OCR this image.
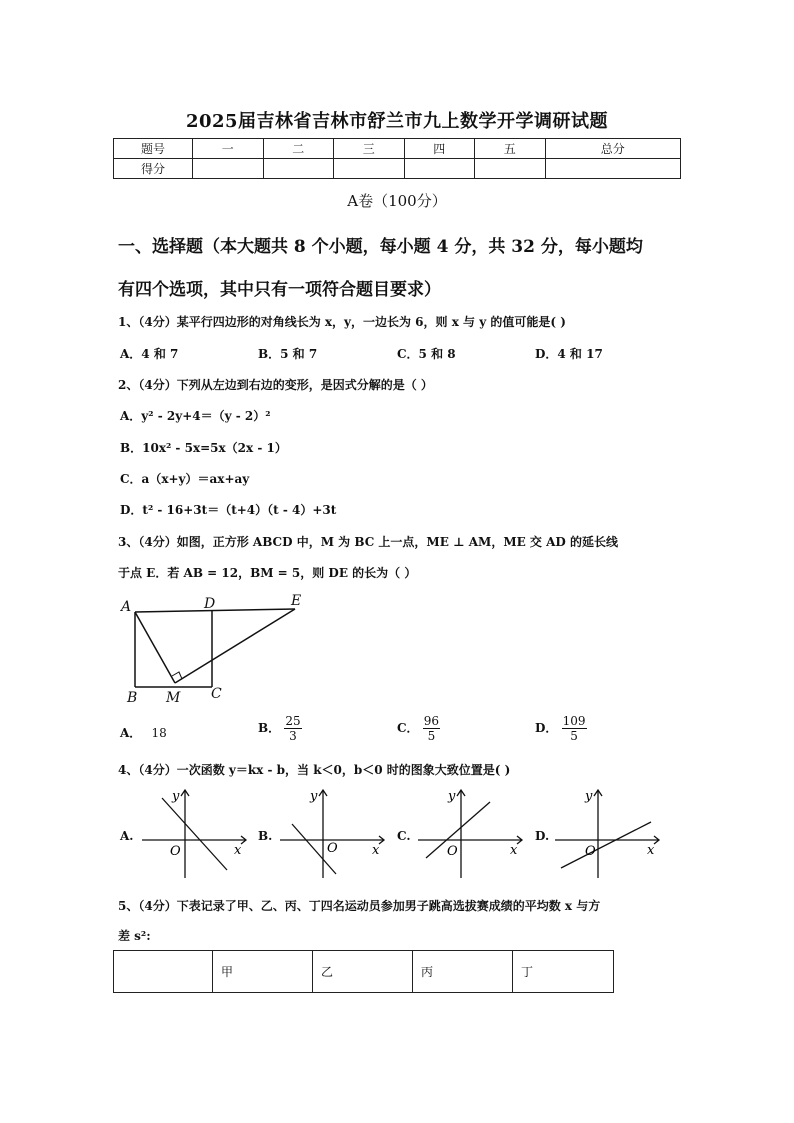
2025届吉林省吉林市舒兰市九上数学开学调研试题
题号	一	二	三	四	五	总分
得分						
A卷（100分）
一、选择题（本大题共 8 个小题，每小题 4 分，共 32 分，每小题均
有四个选项，其中只有一项符合题目要求）
1、（4分）某平行四边形的对角线长为 x，y，一边长为 6，则 x 与 y 的值可能是( )
A．4 和 7	B．5 和 7	C．5 和 8	D．4 和 17
2、（4分）下列从左边到右边的变形，是因式分解的是（ ）
A．y² - 2y+4＝（y - 2）²
B．10x² - 5x=5x（2x - 1）
C．a（x+y）＝ax+ay
D．t² - 16+3t＝（t+4）（t - 4）+3t
3、（4分）如图，正方形 ABCD 中，M 为 BC 上一点，ME ⊥ AM，ME 交 AD 的延长线
于点 E．若 AB = 12，BM = 5，则 DE 的长为（ ）
A	D	E
B M C
A． 18	B． $\frac{25}{3}$	C． $\frac{96}{5}$	D． $\frac{109}{5}$
4、（4分）一次函数 y＝kx - b，当 k＜0，b＜0 时的图象大致位置是( )
A.
y
x
O
B.
y
x
O
C.
y
x
O
D.
y
x
O
5、（4分）下表记录了甲、乙、丙、丁四名运动员参加男子跳高选拔赛成绩的平均数 x 与方
差 s²:
	甲	乙	丙	丁
